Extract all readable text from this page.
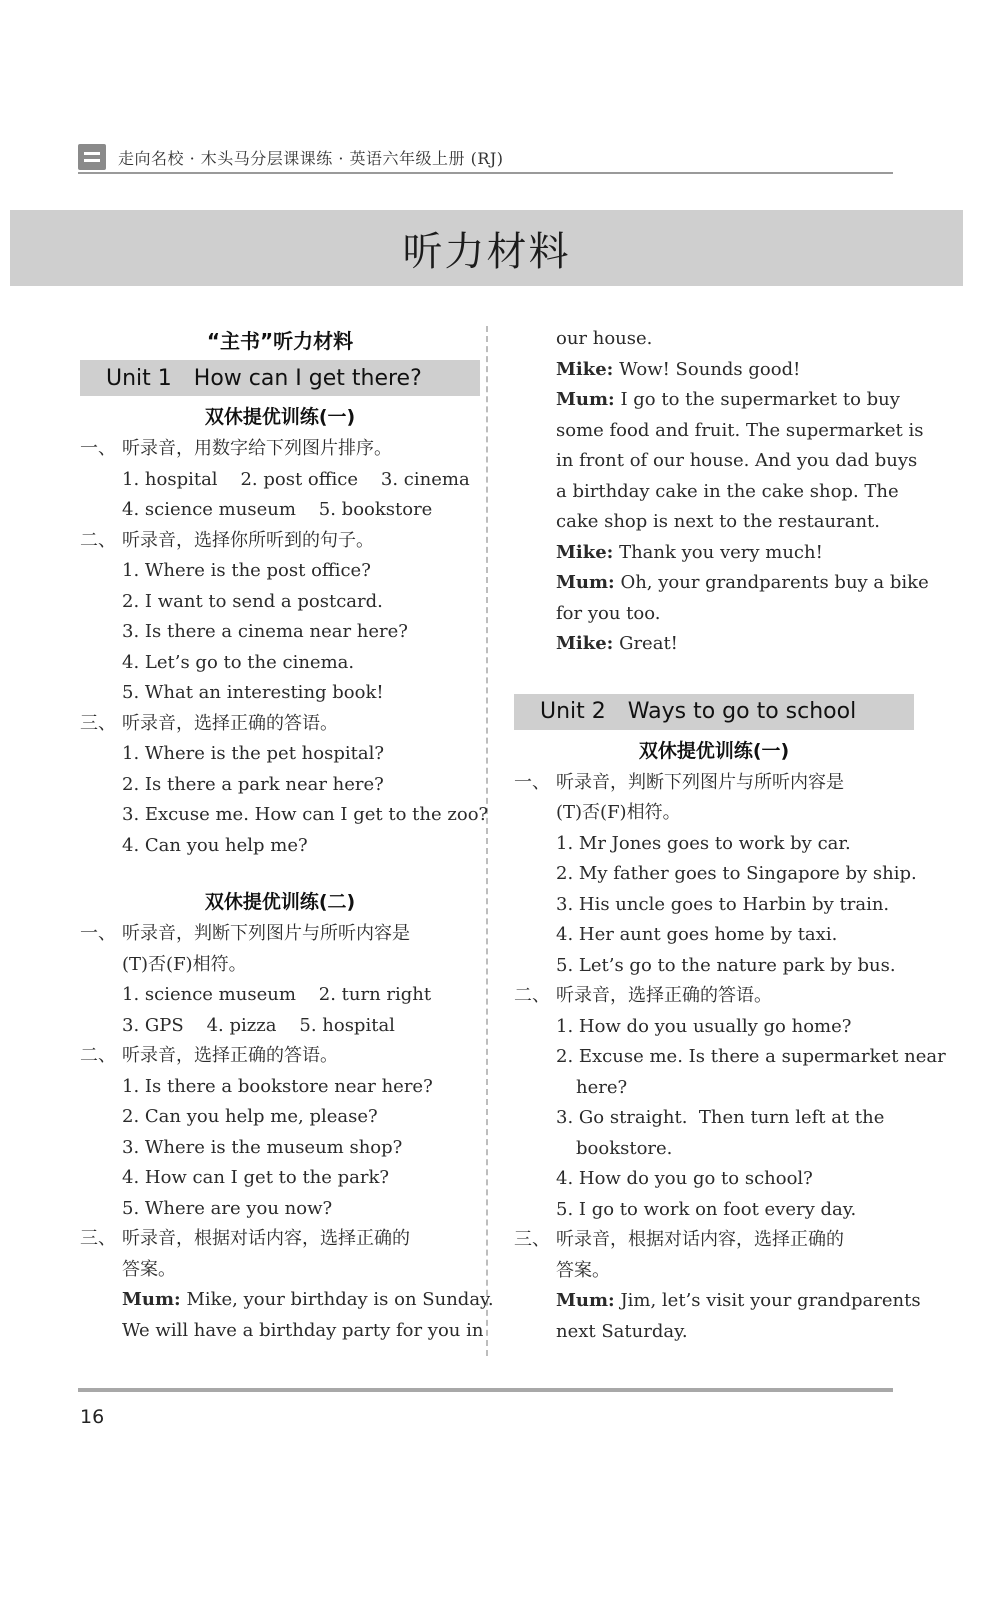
走向名校 · 木头马分层课课练 · 英语六年级上册 (RJ)
听力材料
“主书”听力材料
Unit 1 How can I get there?
双休提优训练(一)
一、 听录音，用数字给下列图片排序。
1. hospital    2. post office    3. cinema
4. science museum    5. bookstore
二、 听录音，选择你所听到的句子。
1. Where is the post office?
2. I want to send a postcard.
3. Is there a cinema near here?
4. Let’s go to the cinema.
5. What an interesting book!
三、 听录音，选择正确的答语。
1. Where is the pet hospital?
2. Is there a park near here?
3. Excuse me. How can I get to the zoo?
4. Can you help me?
双休提优训练(二)
一、 听录音，判断下列图片与所听内容是
(T)否(F)相符。
1. science museum    2. turn right
3. GPS    4. pizza    5. hospital
二、 听录音，选择正确的答语。
1. Is there a bookstore near here?
2. Can you help me, please?
3. Where is the museum shop?
4. How can I get to the park?
5. Where are you now?
三、 听录音，根据对话内容，选择正确的
答案。
Mum: Mike, your birthday is on Sunday.
We will have a birthday party for you in
our house.
Mike: Wow! Sounds good!
Mum: I go to the supermarket to buy
some food and fruit. The supermarket is
in front of our house. And you dad buys
a birthday cake in the cake shop. The
cake shop is next to the restaurant.
Mike: Thank you very much!
Mum: Oh, your grandparents buy a bike
for you too.
Mike: Great!
Unit 2 Ways to go to school
双休提优训练(一)
一、 听录音，判断下列图片与所听内容是
(T)否(F)相符。
1. Mr Jones goes to work by car.
2. My father goes to Singapore by ship.
3. His uncle goes to Harbin by train.
4. Her aunt goes home by taxi.
5. Let’s go to the nature park by bus.
二、 听录音，选择正确的答语。
1. How do you usually go home?
2. Excuse me. Is there a supermarket near
here?
3. Go straight.  Then turn left at the
bookstore.
4. How do you go to school?
5. I go to work on foot every day.
三、 听录音，根据对话内容，选择正确的
答案。
Mum: Jim, let’s visit your grandparents
next Saturday.
16
